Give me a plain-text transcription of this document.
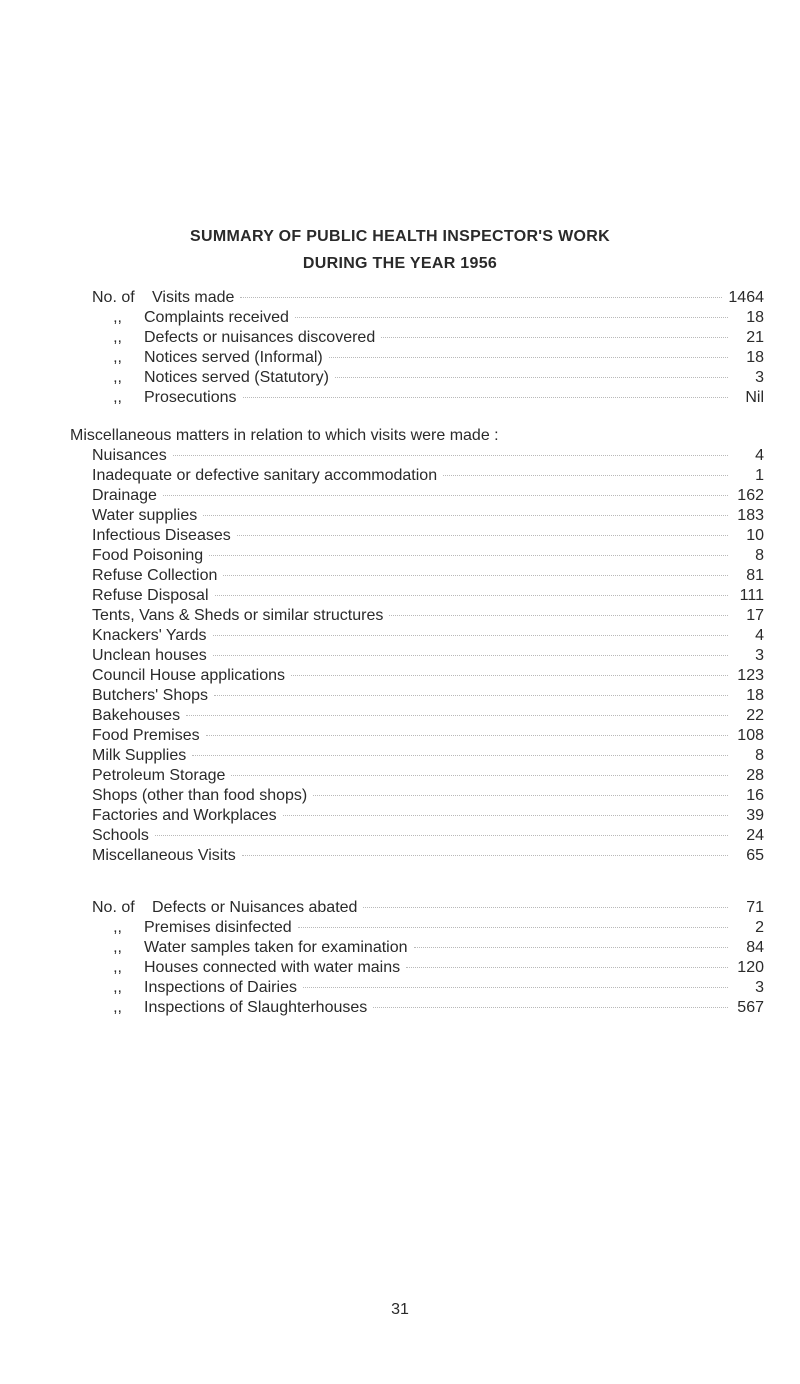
SUMMARY OF PUBLIC HEALTH INSPECTOR'S WORK
DURING THE YEAR 1956
No. of	Visits made	1464
,,	Complaints received	18
,,	Defects or nuisances discovered	21
,,	Notices served (Informal)	18
,,	Notices served (Statutory)	3
,,	Prosecutions	Nil
Miscellaneous matters in relation to which visits were made :
Nuisances	4
Inadequate or defective sanitary accommodation	1
Drainage	162
Water supplies	183
Infectious Diseases	10
Food Poisoning	8
Refuse Collection	81
Refuse Disposal	111
Tents, Vans & Sheds or similar structures	17
Knackers' Yards	4
Unclean houses	3
Council House applications	123
Butchers' Shops	18
Bakehouses	22
Food Premises	108
Milk Supplies	8
Petroleum Storage	28
Shops (other than food shops)	16
Factories and Workplaces	39
Schools	24
Miscellaneous Visits	65
No. of	Defects or Nuisances abated	71
,,	Premises disinfected	2
,,	Water samples taken for examination	84
,,	Houses connected with water mains	120
,,	Inspections of Dairies	3
,,	Inspections of Slaughterhouses	567
31
